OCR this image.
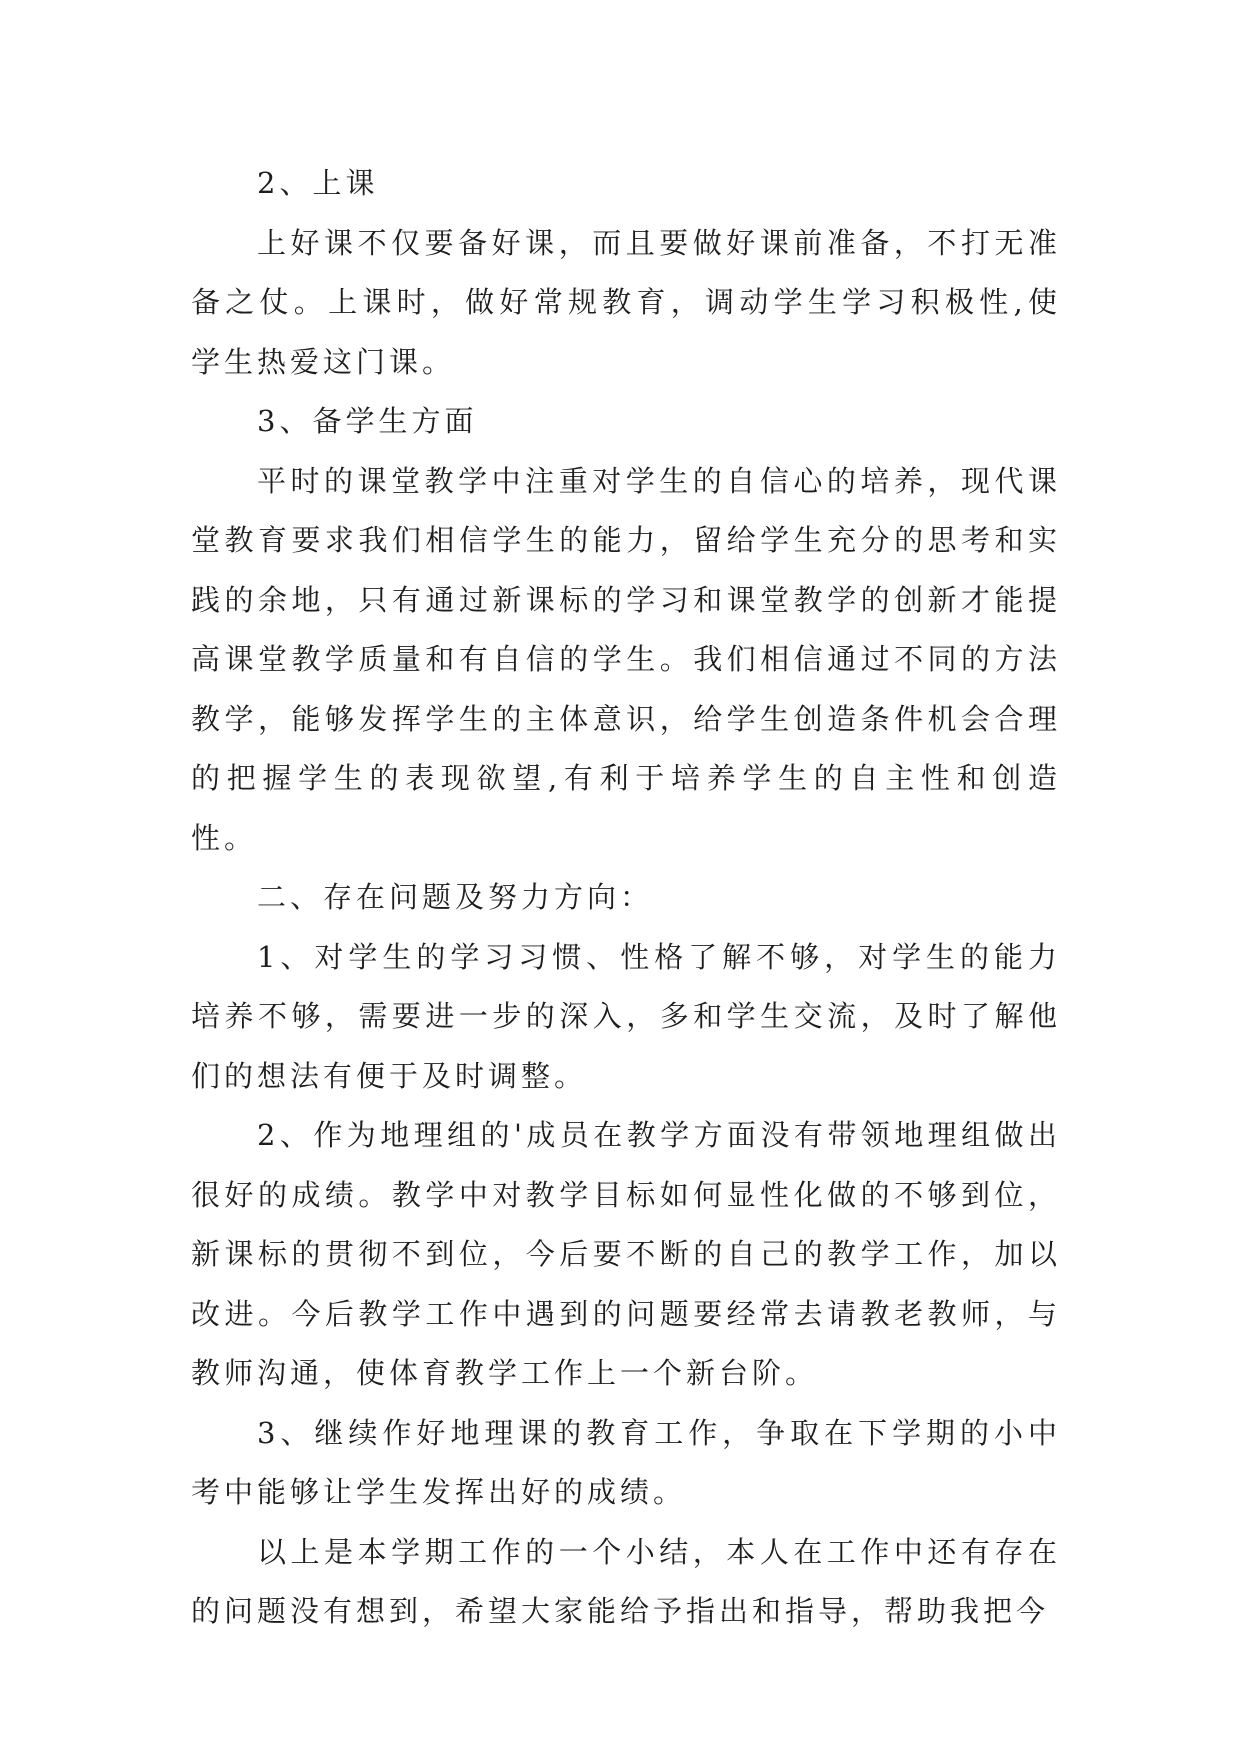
2、上课

上好课不仅要备好课，而且要做好课前准备，不打无准备之仗。上课时，做好常规教育，调动学生学习积极性,使学生热爱这门课。

3、备学生方面

平时的课堂教学中注重对学生的自信心的培养，现代课堂教育要求我们相信学生的能力，留给学生充分的思考和实践的余地，只有通过新课标的学习和课堂教学的创新才能提高课堂教学质量和有自信的学生。我们相信通过不同的方法教学，能够发挥学生的主体意识，给学生创造条件机会合理的把握学生的表现欲望,有利于培养学生的自主性和创造性。

二、存在问题及努力方向：

1、对学生的学习习惯、性格了解不够，对学生的能力培养不够，需要进一步的深入，多和学生交流，及时了解他们的想法有便于及时调整。

2、作为地理组的'成员在教学方面没有带领地理组做出很好的成绩。教学中对教学目标如何显性化做的不够到位，新课标的贯彻不到位，今后要不断的自己的教学工作，加以改进。今后教学工作中遇到的问题要经常去请教老教师，与教师沟通，使体育教学工作上一个新台阶。

3、继续作好地理课的教育工作，争取在下学期的小中考中能够让学生发挥出好的成绩。

以上是本学期工作的一个小结，本人在工作中还有存在的问题没有想到，希望大家能给予指出和指导，帮助我把今
